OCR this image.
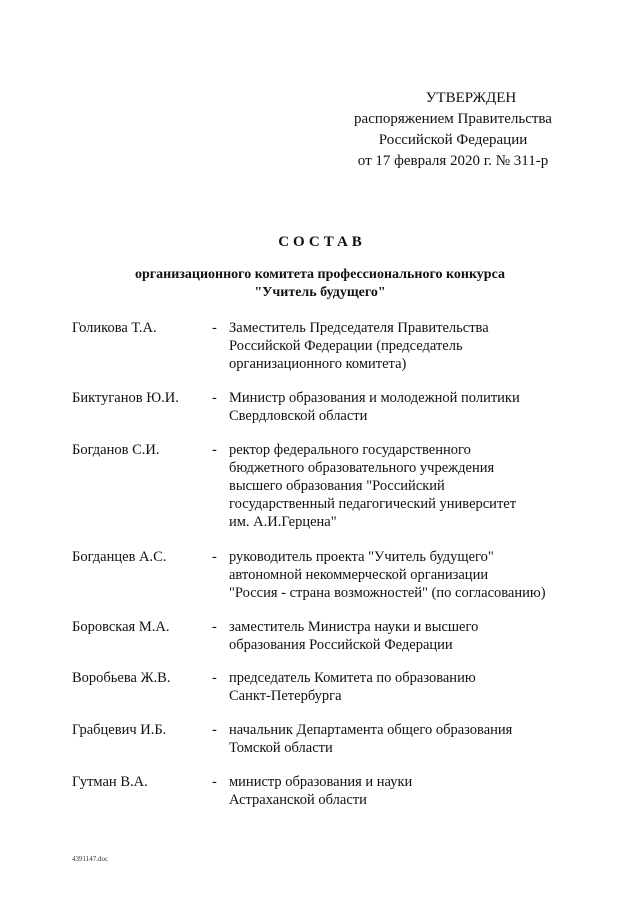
УТВЕРЖДЕН
распоряжением Правительства
Российской Федерации
от 17 февраля 2020 г. № 311-р
СОСТАВ
организационного комитета профессионального конкурса
"Учитель будущего"
Голикова Т.А.	- Заместитель Председателя Правительства
Российской Федерации (председатель
организационного комитета)
Биктуганов Ю.И. - Министр образования и молодежной политики
Свердловской области
Богданов С.И.	- ректор федерального государственного
бюджетного образовательного учреждения
высшего образования "Российский
государственный педагогический университет
им. А.И.Герцена"
Богданцев А.С.	- руководитель проекта "Учитель будущего"
автономной некоммерческой организации
"Россия - страна возможностей" (по согласованию)
Боровская М.А.	- заместитель Министра науки и высшего
образования Российской Федерации
Воробьева Ж.В.	- председатель Комитета по образованию
Санкт-Петербурга
Грабцевич И.Б.	- начальник Департамента общего образования
Томской области
Гутман В.А.	- министр образования и науки
Астраханской области
4391147.doc
